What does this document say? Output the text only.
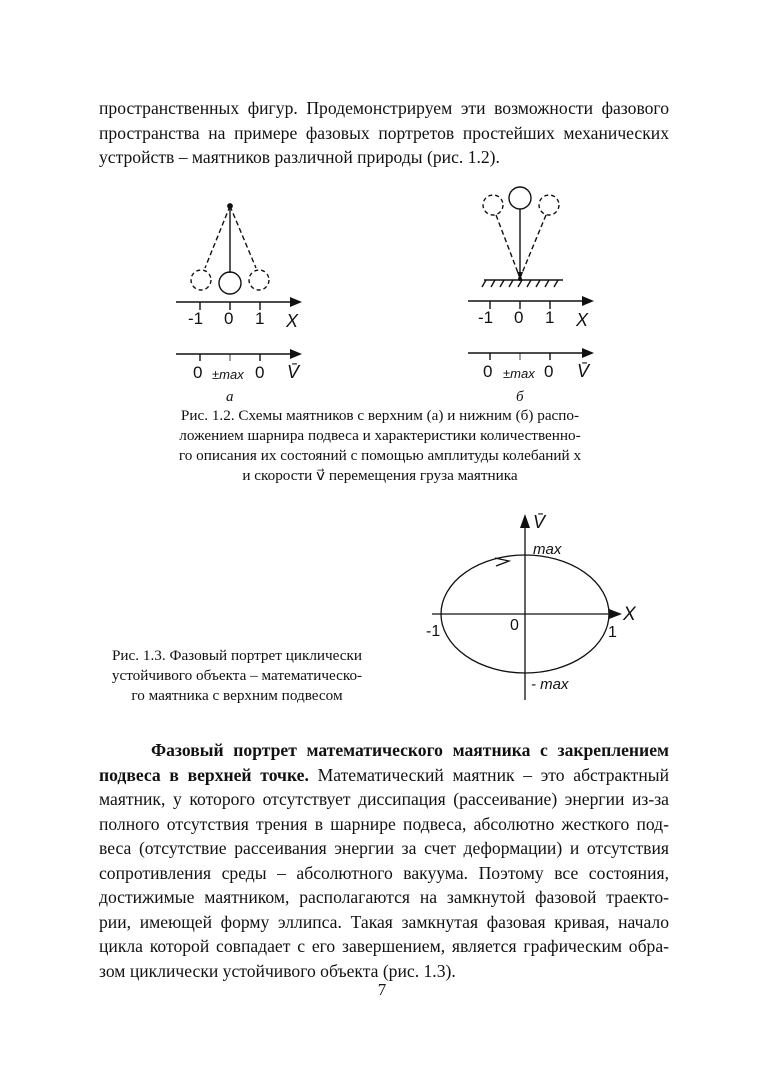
пространственных фигур. Продемонстрируем эти возможности фазового
пространства на примере фазовых портретов простейших механических
устройств – маятников различной природы (рис. 1.2).
-1 0 1 X
0 ±max 0 V̄
а
-1 0 1 X
0 ±max 0 V̄
б
Рис. 1.2. Схемы маятников с верхним (а) и нижним (б) распо-
ложением шарнира подвеса и характеристики количественно-
го описания их состояний с помощью амплитуды колебаний x
и скорости v⃗ перемещения груза маятника
V̄
max
X
0
-1	1
- max
Рис. 1.3. Фазовый портрет циклически
устойчивого объекта – математическо-
го маятника с верхним подвесом
Фазовый портрет математического маятника с закреплением
подвеса в верхней точке. Математический маятник – это абстрактный
маятник, у которого отсутствует диссипация (рассеивание) энергии из-за
полного отсутствия трения в шарнире подвеса, абсолютно жесткого под-
веса (отсутствие рассеивания энергии за счет деформации) и отсутствия
сопротивления среды – абсолютного вакуума. Поэтому все состояния,
достижимые маятником, располагаются на замкнутой фазовой траекто-
рии, имеющей форму эллипса. Такая замкнутая фазовая кривая, начало
цикла которой совпадает с его завершением, является графическим обра-
зом циклически устойчивого объекта (рис. 1.3).
7
